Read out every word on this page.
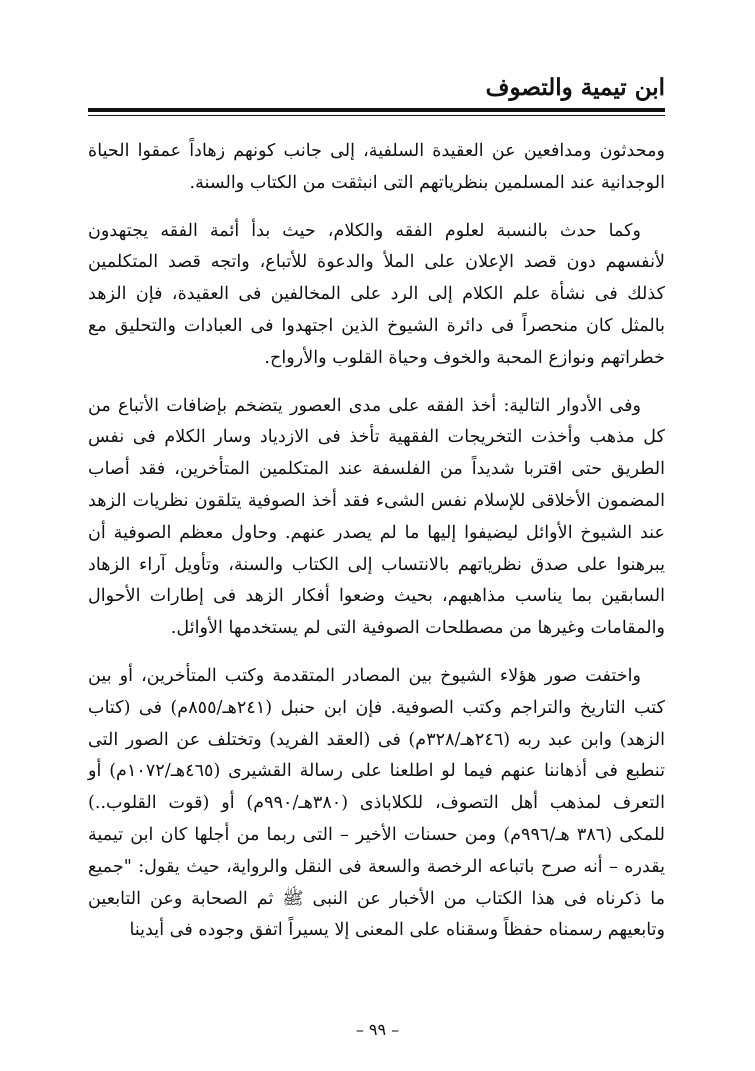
ابن تيمية والتصوف

ومحدثون ومدافعين عن العقيدة السلفية، إلى جانب كونهم زهاداً عمقوا الحياة الوجدانية عند المسلمين بنظرياتهم التى انبثقت من الكتاب والسنة.

وكما حدث بالنسبة لعلوم الفقه والكلام، حيث بدأ أئمة الفقه يجتهدون لأنفسهم دون قصد الإعلان على الملأ والدعوة للأتباع، واتجه قصد المتكلمين كذلك فى نشأة علم الكلام إلى الرد على المخالفين فى العقيدة، فإن الزهد بالمثل كان منحصراً فى دائرة الشيوخ الذين اجتهدوا فى العبادات والتحليق مع خطراتهم ونوازع المحبة والخوف وحياة القلوب والأرواح.

وفى الأدوار التالية: أخذ الفقه على مدى العصور يتضخم بإضافات الأتباع من كل مذهب وأخذت التخريجات الفقهية تأخذ فى الازدياد وسار الكلام فى نفس الطريق حتى اقتربا شديداً من الفلسفة عند المتكلمين المتأخرين، فقد أصاب المضمون الأخلاقى للإسلام نفس الشىء فقد أخذ الصوفية يتلقون نظريات الزهد عند الشيوخ الأوائل ليضيفوا إليها ما لم يصدر عنهم. وحاول معظم الصوفية أن يبرهنوا على صدق نظرياتهم بالانتساب إلى الكتاب والسنة، وتأويل آراء الزهاد السابقين بما يناسب مذاهبهم، بحيث وضعوا أفكار الزهد فى إطارات الأحوال والمقامات وغيرها من مصطلحات الصوفية التى لم يستخدمها الأوائل.

واختفت صور هؤلاء الشيوخ بين المصادر المتقدمة وكتب المتأخرين، أو بين كتب التاريخ والتراجم وكتب الصوفية. فإن ابن حنبل (٢٤١هـ/٨٥٥م) فى (كتاب الزهد) وابن عبد ربه (٢٤٦هـ/٣٢٨م) فى (العقد الفريد) وتختلف عن الصور التى تنطبع فى أذهاننا عنهم فيما لو اطلعنا على رسالة القشيرى (٤٦٥هـ/١٠٧٢م) أو التعرف لمذهب أهل التصوف، للكلاباذى (٣٨٠هـ/٩٩٠م) أو (قوت القلوب..) للمكى (٣٨٦ هـ/٩٩٦م) ومن حسنات الأخير – التى ربما من أجلها كان ابن تيمية يقدره – أنه صرح باتباعه الرخصة والسعة فى النقل والرواية، حيث يقول: "جميع ما ذكرناه فى هذا الكتاب من الأخبار عن النبى ﷺ ثم الصحابة وعن التابعين وتابعيهم رسمناه حفظاً وسقناه على المعنى إلا يسيراً اتفق وجوده فى أيدينا

– ٩٩ –
